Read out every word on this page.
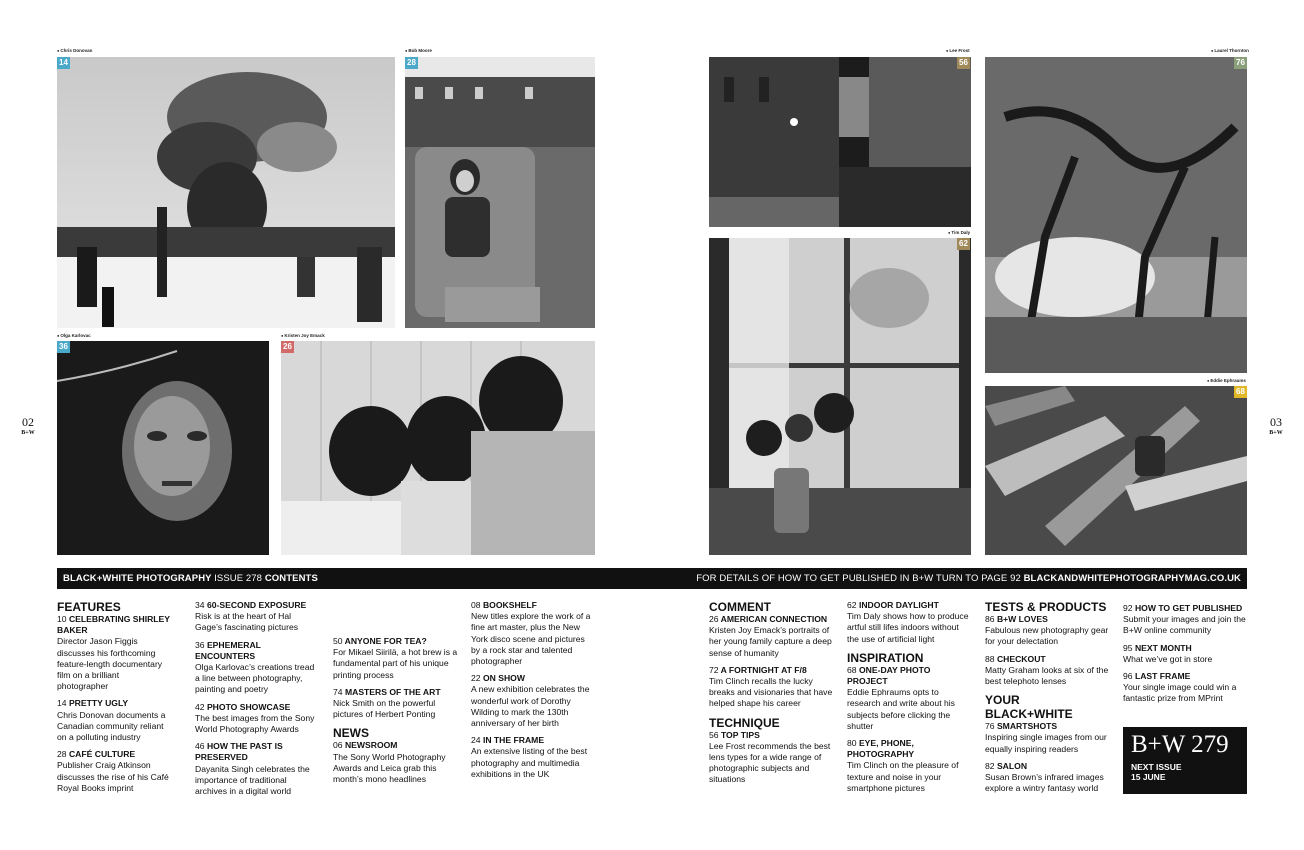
02
B+W
03
B+W
● Chris Donovan
14
● Bob Moore
28
● Olga Karlovac
36
● Kristen Joy Emack
26
● Lee Frost
56
● Tim Daly
62
● Laurel Thornton
76
● Eddie Ephraums
68
BLACK+WHITE PHOTOGRAPHY ISSUE 278 CONTENTS	FOR DETAILS OF HOW TO GET PUBLISHED IN B+W TURN TO PAGE 92 BLACKANDWHITEPHOTOGRAPHYMAG.CO.UK
FEATURES
10 CELEBRATING SHIRLEY BAKER
Director Jason Figgis discusses his forthcoming feature-length documentary film on a brilliant photographer
14 PRETTY UGLY
Chris Donovan documents a Canadian community reliant on a polluting industry
28 CAFÉ CULTURE
Publisher Craig Atkinson discusses the rise of his Café Royal Books imprint
34 60-SECOND EXPOSURE
Risk is at the heart of Hal Gage’s fascinating pictures
36 EPHEMERAL ENCOUNTERS
Olga Karlovac’s creations tread a line between photography, painting and poetry
42 PHOTO SHOWCASE
The best images from the Sony World Photography Awards
46 HOW THE PAST IS PRESERVED
Dayanita Singh celebrates the importance of traditional archives in a digital world
50 ANYONE FOR TEA?
For Mikael Siirilä, a hot brew is a fundamental part of his unique printing process
74 MASTERS OF THE ART
Nick Smith on the powerful pictures of Herbert Ponting
NEWS
06 NEWSROOM
The Sony World Photography Awards and Leica grab this month’s mono headlines
08 BOOKSHELF
New titles explore the work of a fine art master, plus the New York disco scene and pictures by a rock star and talented photographer
22 ON SHOW
A new exhibition celebrates the wonderful work of Dorothy Wilding to mark the 130th anniversary of her birth
24 IN THE FRAME
An extensive listing of the best photography and multimedia exhibitions in the UK
COMMENT
26 AMERICAN CONNECTION
Kristen Joy Emack’s portraits of her young family capture a deep sense of humanity
72 A FORTNIGHT AT F/8
Tim Clinch recalls the lucky breaks and visionaries that have helped shape his career
TECHNIQUE
56 TOP TIPS
Lee Frost recommends the best lens types for a wide range of photographic subjects and situations
62 INDOOR DAYLIGHT
Tim Daly shows how to produce artful still lifes indoors without the use of artificial light
INSPIRATION
68 ONE-DAY PHOTO PROJECT
Eddie Ephraums opts to research and write about his subjects before clicking the shutter
80 EYE, PHONE, PHOTOGRAPHY
Tim Clinch on the pleasure of texture and noise in your smartphone pictures
TESTS & PRODUCTS
86 B+W LOVES
Fabulous new photography gear for your delectation
88 CHECKOUT
Matty Graham looks at six of the best telephoto lenses
YOUR BLACK+WHITE
76 SMARTSHOTS
Inspiring single images from our equally inspiring readers
82 SALON
Susan Brown’s infrared images explore a wintry fantasy world
92 HOW TO GET PUBLISHED
Submit your images and join the B+W online community
95 NEXT MONTH
What we’ve got in store
96 LAST FRAME
Your single image could win a fantastic prize from MPrint
B+W 279
NEXT ISSUE
15 JUNE
